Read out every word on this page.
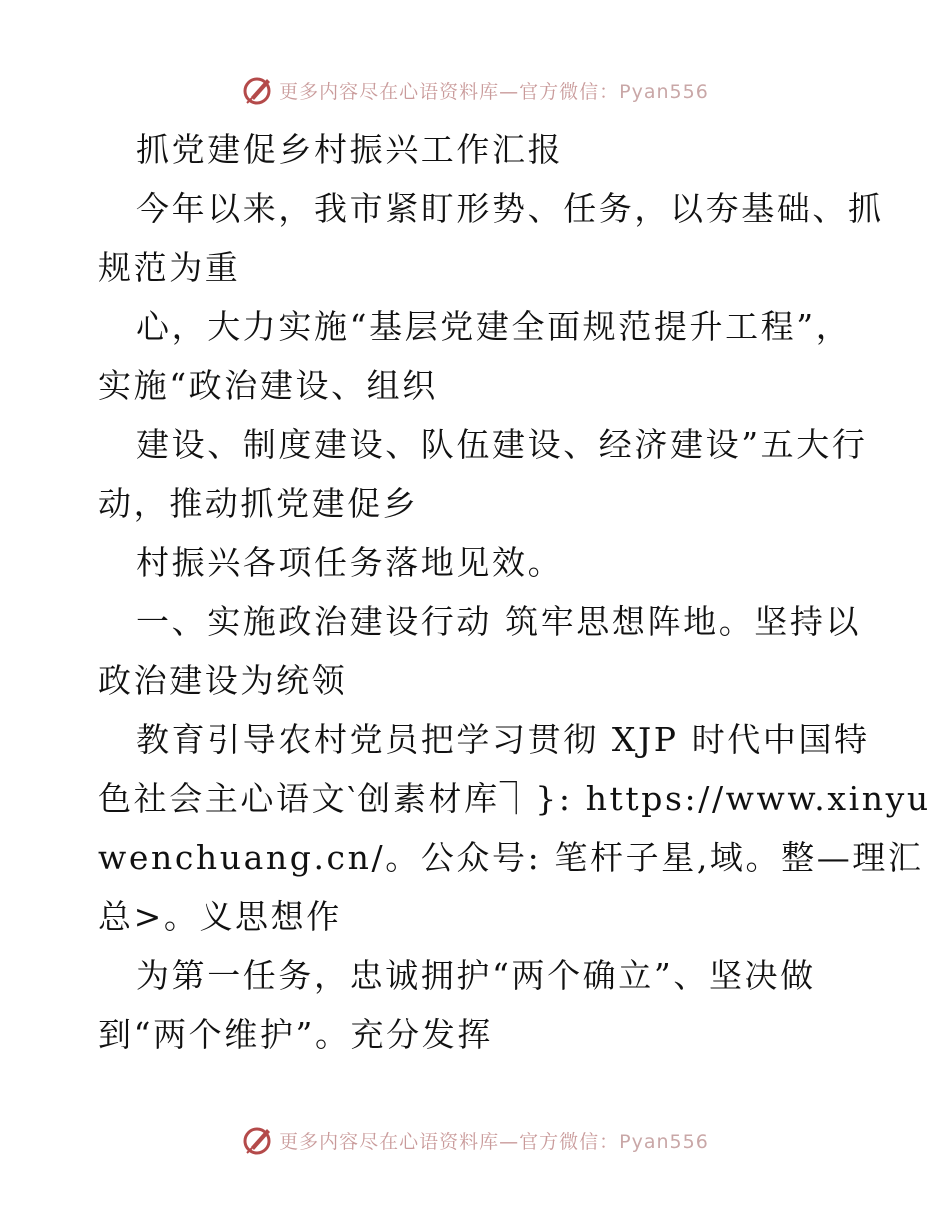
更多内容尽在心语资料库—官方微信：Pyan556
抓党建促乡村振兴工作汇报
今年以来，我市紧盯形势、任务，以夯基础、抓
规范为重
心，大力实施“基层党建全面规范提升工程”，
实施“政治建设、组织
建设、制度建设、队伍建设、经济建设”五大行
动，推动抓党建促乡
村振兴各项任务落地见效。
一、实施政治建设行动 筑牢思想阵地。坚持以
政治建设为统领
教育引导农村党员把学习贯彻 XJP 时代中国特
色社会主心语文‵创素材库⏋}: https://www.xinyu
wenchuang.cn/。公众号: 笔杆子星,域。整—理汇
总>。义思想作
为第一任务，忠诚拥护“两个确立”、坚决做
到“两个维护”。充分发挥
更多内容尽在心语资料库—官方微信：Pyan556
